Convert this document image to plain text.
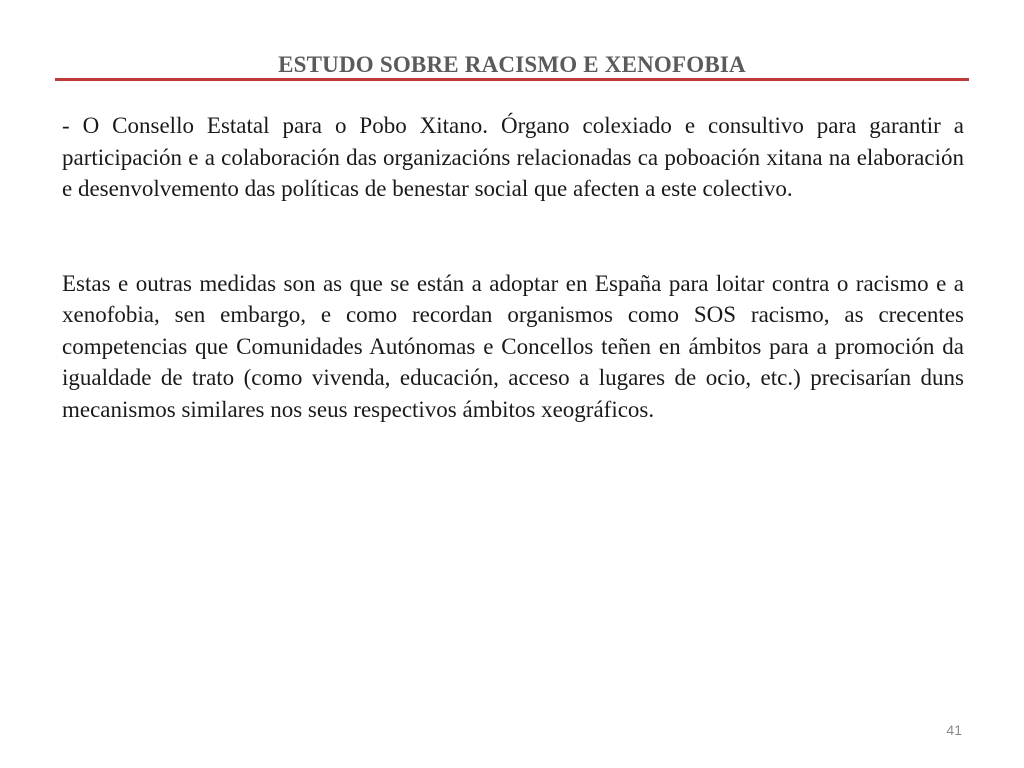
ESTUDO SOBRE RACISMO E XENOFOBIA

- O Consello Estatal para o Pobo Xitano. Órgano colexiado e consultivo para garantir a participación e a colaboración das organizacións relacionadas ca poboación xitana na elaboración e desenvolvemento das políticas de benestar social que afecten a este colectivo.

Estas e outras medidas son as que se están a adoptar en España para loitar contra o racismo e a xenofobia, sen embargo, e como recordan organismos como SOS racismo, as crecentes competencias que Comunidades Autónomas e Concellos teñen en ámbitos para a promoción da igualdade de trato (como vivenda, educación, acceso a lugares de ocio, etc.) precisarían duns mecanismos similares nos seus respectivos ámbitos xeográficos.

41
